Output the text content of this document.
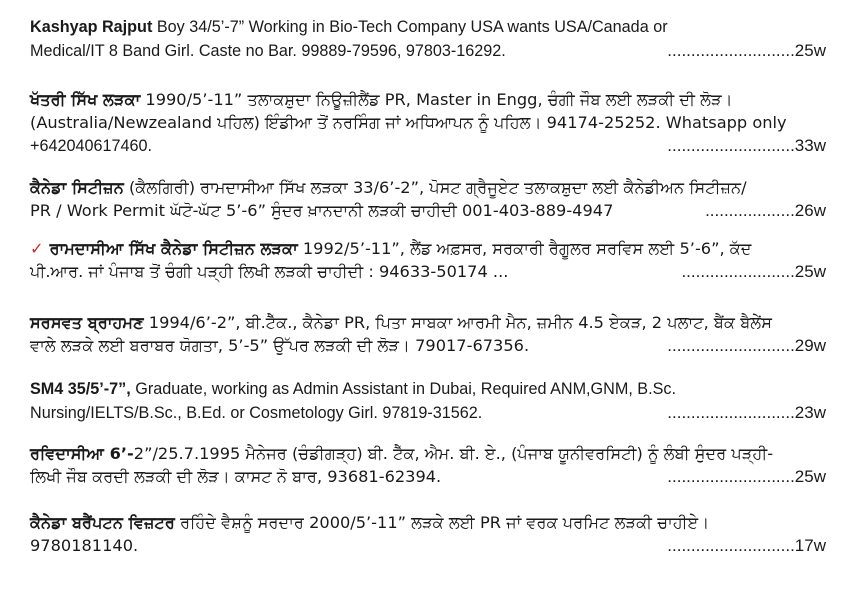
Kashyap Rajput Boy 34/5’-7” Working in Bio-Tech Company USA wants USA/Canada or
Medical/IT 8 Band Girl. Caste no Bar. 99889-79596, 97803-16292.	...........................25w
ਖੱਤਰੀ ਸਿੱਖ ਲੜਕਾ 1990/5’-11” ਤਲਾਕਸ਼ੁਦਾ ਨਿਊਜ਼ੀਲੈਂਡ PR, Master in Engg, ਚੰਗੀ ਜੌਬ ਲਈ ਲੜਕੀ ਦੀ ਲੋੜ।
(Australia/Newzealand ਪਹਿਲ) ਇੰਡੀਆ ਤੋਂ ਨਰਸਿੰਗ ਜਾਂ ਅਧਿਆਪਨ ਨੂੰ ਪਹਿਲ। 94174-25252. Whatsapp only
+642040617460.	...........................33w
ਕੈਨੇਡਾ ਸਿਟੀਜ਼ਨ (ਕੈਲਗਿਰੀ) ਰਾਮਦਾਸੀਆ ਸਿੱਖ ਲੜਕਾ 33/6’-2”, ਪੋਸਟ ਗ੍ਰੈਜੂਏਟ ਤਲਾਕਸ਼ੁਦਾ ਲਈ ਕੈਨੇਡੀਅਨ ਸਿਟੀਜ਼ਨ/
PR / Work Permit ਘੱਟੋ-ਘੱਟ 5’-6” ਸੁੰਦਰ ਖ਼ਾਨਦਾਨੀ ਲੜਕੀ ਚਾਹੀਦੀ 001-403-889-4947	...................26w
✓ ਰਾਮਦਾਸੀਆ ਸਿੱਖ ਕੈਨੇਡਾ ਸਿਟੀਜ਼ਨ ਲੜਕਾ 1992/5’-11”, ਲੈਂਡ ਅਫ਼ਸਰ, ਸਰਕਾਰੀ ਰੈਗੂਲਰ ਸਰਵਿਸ ਲਈ 5’-6”, ਕੱਦ
ਪੀ.ਆਰ. ਜਾਂ ਪੰਜਾਬ ਤੋਂ ਚੰਗੀ ਪੜ੍ਹੀ ਲਿਖੀ ਲੜਕੀ ਚਾਹੀਦੀ : 94633-50174 ...	........................25w
ਸਰਸਵਤ ਬ੍ਰਾਹਮਣ 1994/6’-2”, ਬੀ.ਟੈੱਕ., ਕੈਨੇਡਾ PR, ਪਿਤਾ ਸਾਬਕਾ ਆਰਮੀ ਮੈਨ, ਜ਼ਮੀਨ 4.5 ਏਕੜ, 2 ਪਲਾਟ, ਬੈਂਕ ਬੈਲੇਂਸ
ਵਾਲੇ ਲੜਕੇ ਲਈ ਬਰਾਬਰ ਯੋਗਤਾ, 5’-5” ਉੱਪਰ ਲੜਕੀ ਦੀ ਲੋੜ। 79017-67356.	...........................29w
SM4 35/5’-7”, Graduate, working as Admin Assistant in Dubai, Required ANM,GNM, B.Sc.
Nursing/IELTS/B.Sc., B.Ed. or Cosmetology Girl. 97819-31562.	...........................23w
ਰਵਿਦਾਸੀਆ 6’-2”/25.7.1995 ਮੈਨੇਜਰ (ਚੰਡੀਗੜ੍ਹ) ਬੀ. ਟੈੱਕ, ਐਮ. ਬੀ. ਏ., (ਪੰਜਾਬ ਯੂਨੀਵਰਸਿਟੀ) ਨੂੰ ਲੰਬੀ ਸੁੰਦਰ ਪੜ੍ਹੀ-
ਲਿਖੀ ਜੌਬ ਕਰਦੀ ਲੜਕੀ ਦੀ ਲੋੜ। ਕਾਸਟ ਨੋ ਬਾਰ, 93681-62394.	...........................25w
ਕੈਨੇਡਾ ਬਰੈਂਪਟਨ ਵਿਜ਼ਟਰ ਰਹਿੰਦੇ ਵੈਸ਼ਨੂੰ ਸਰਦਾਰ 2000/5’-11” ਲੜਕੇ ਲਈ PR ਜਾਂ ਵਰਕ ਪਰਮਿਟ ਲੜਕੀ ਚਾਹੀਏ।
9780181140.	...........................17w
